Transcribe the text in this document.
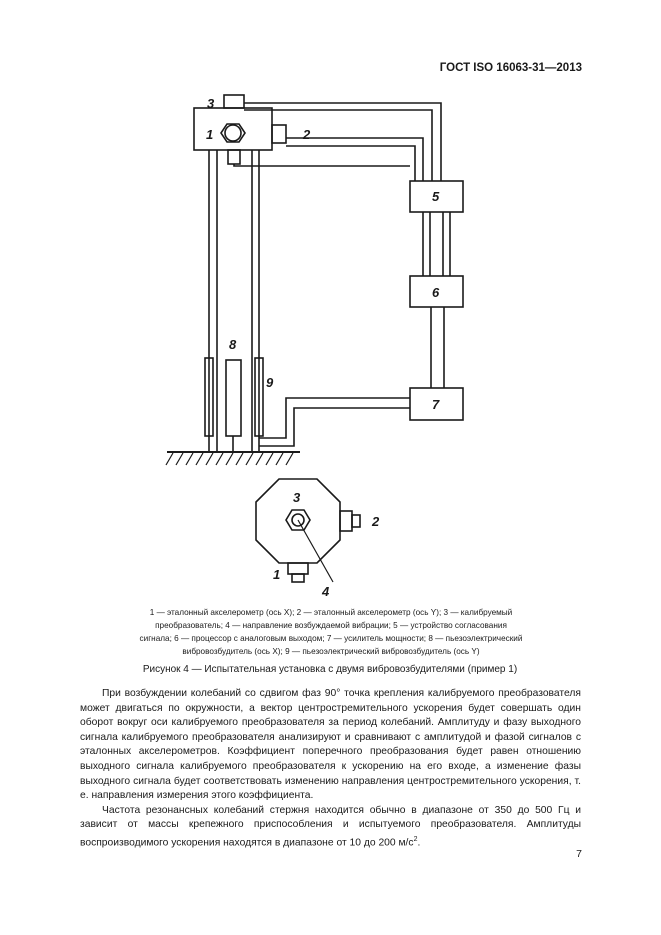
ГОСТ ISO 16063-31—2013
3
1	2
5
6
7
8
9
3
2
1
4
1 — эталонный акселерометр (ось X); 2 — эталонный акселерометр (ось Y); 3 — калибруемый
преобразователь; 4 — направление возбуждаемой вибрации; 5 — устройство согласования
сигнала; 6 — процессор с аналоговым выходом; 7 — усилитель мощности; 8 — пьезоэлектрический
вибровозбудитель (ось X); 9 — пьезоэлектрический вибровозбудитель (ось Y)
Рисунок 4 — Испытательная установка с двумя вибровозбудителями (пример 1)

При возбуждении колебаний со сдвигом фаз 90° точка крепления калибруемого преобразователя может двигаться по окружности, а вектор центростремительного ускорения будет совершать один оборот вокруг оси калибруемого преобразователя за период колебаний. Амплитуду и фазу выходного сигнала калибруемого преобразователя анализируют и сравнивают с амплитудой и фазой сигналов с эталонных акселерометров. Коэффициент поперечного преобразования будет равен отношению выходного сигнала калибруемого преобразователя к ускорению на его входе, а изменение фазы выходного сигнала будет соответствовать изменению направления центростремительного ускорения, т. е. направления измерения этого коэффициента.

Частота резонансных колебаний стержня находится обычно в диапазоне от 350 до 500 Гц и зависит от массы крепежного приспособления и испытуемого преобразователя. Амплитуды воспроизводимого ускорения находятся в диапазоне от 10 до 200 $м/с^2$.

7
